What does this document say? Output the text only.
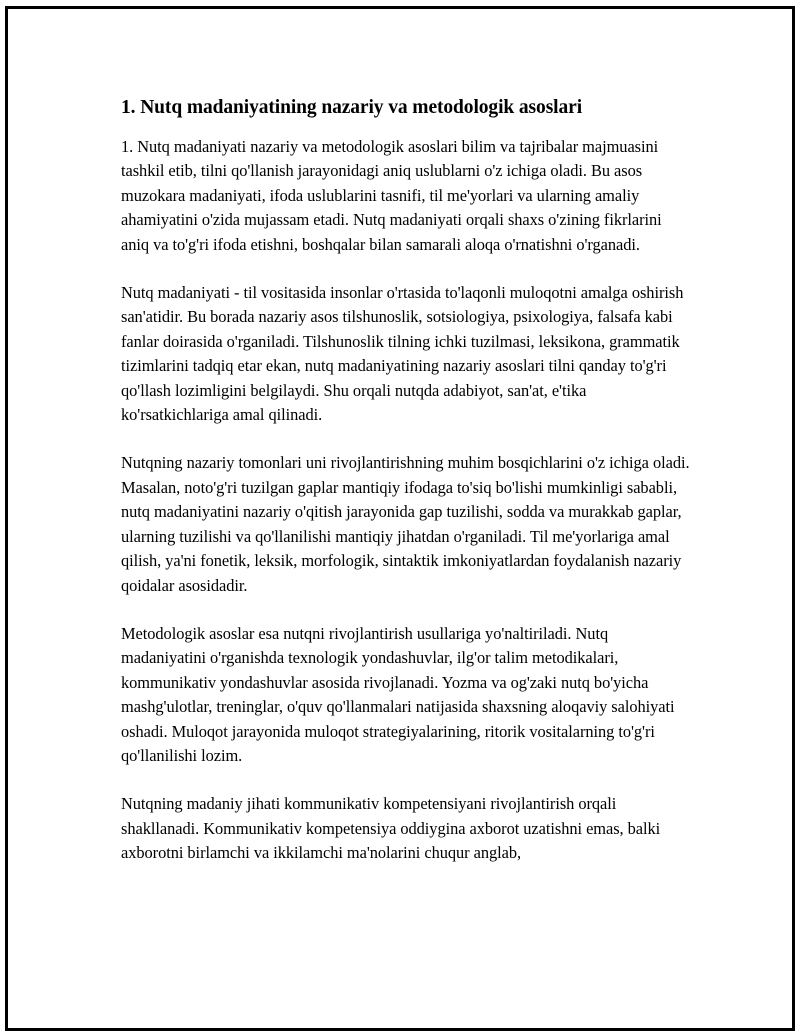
1. Nutq madaniyatining nazariy va metodologik asoslari

1. Nutq madaniyati nazariy va metodologik asoslari bilim va tajribalar majmuasini tashkil etib, tilni qo'llanish jarayonidagi aniq uslublarni o'z ichiga oladi. Bu asos muzokara madaniyati, ifoda uslublarini tasnifi, til me'yorlari va ularning amaliy ahamiyatini o'zida mujassam etadi. Nutq madaniyati orqali shaxs o'zining fikrlarini aniq va to'g'ri ifoda etishni, boshqalar bilan samarali aloqa o'rnatishni o'rganadi.

Nutq madaniyati - til vositasida insonlar o'rtasida to'laqonli muloqotni amalga oshirish san'atidir. Bu borada nazariy asos tilshunoslik, sotsiologiya, psixologiya, falsafa kabi fanlar doirasida o'rganiladi. Tilshunoslik tilning ichki tuzilmasi, leksikona, grammatik tizimlarini tadqiq etar ekan, nutq madaniyatining nazariy asoslari tilni qanday to'g'ri qo'llash lozimligini belgilaydi. Shu orqali nutqda adabiyot, san'at, e'tika ko'rsatkichlariga amal qilinadi.

Nutqning nazariy tomonlari uni rivojlantirishning muhim bosqichlarini o'z ichiga oladi. Masalan, noto'g'ri tuzilgan gaplar mantiqiy ifodaga to'siq bo'lishi mumkinligi sababli, nutq madaniyatini nazariy o'qitish jarayonida gap tuzilishi, sodda va murakkab gaplar, ularning tuzilishi va qo'llanilishi mantiqiy jihatdan o'rganiladi. Til me'yorlariga amal qilish, ya'ni fonetik, leksik, morfologik, sintaktik imkoniyatlardan foydalanish nazariy qoidalar asosidadir.

Metodologik asoslar esa nutqni rivojlantirish usullariga yo'naltiriladi. Nutq madaniyatini o'rganishda texnologik yondashuvlar, ilg'or talim metodikalari, kommunikativ yondashuvlar asosida rivojlanadi. Yozma va og'zaki nutq bo'yicha mashg'ulotlar, treninglar, o'quv qo'llanmalari natijasida shaxsning aloqaviy salohiyati oshadi. Muloqot jarayonida muloqot strategiyalarining, ritorik vositalarning to'g'ri qo'llanilishi lozim.

Nutqning madaniy jihati kommunikativ kompetensiyani rivojlantirish orqali shakllanadi. Kommunikativ kompetensiya oddiygina axborot uzatishni emas, balki axborotni birlamchi va ikkilamchi ma'nolarini chuqur anglab,
